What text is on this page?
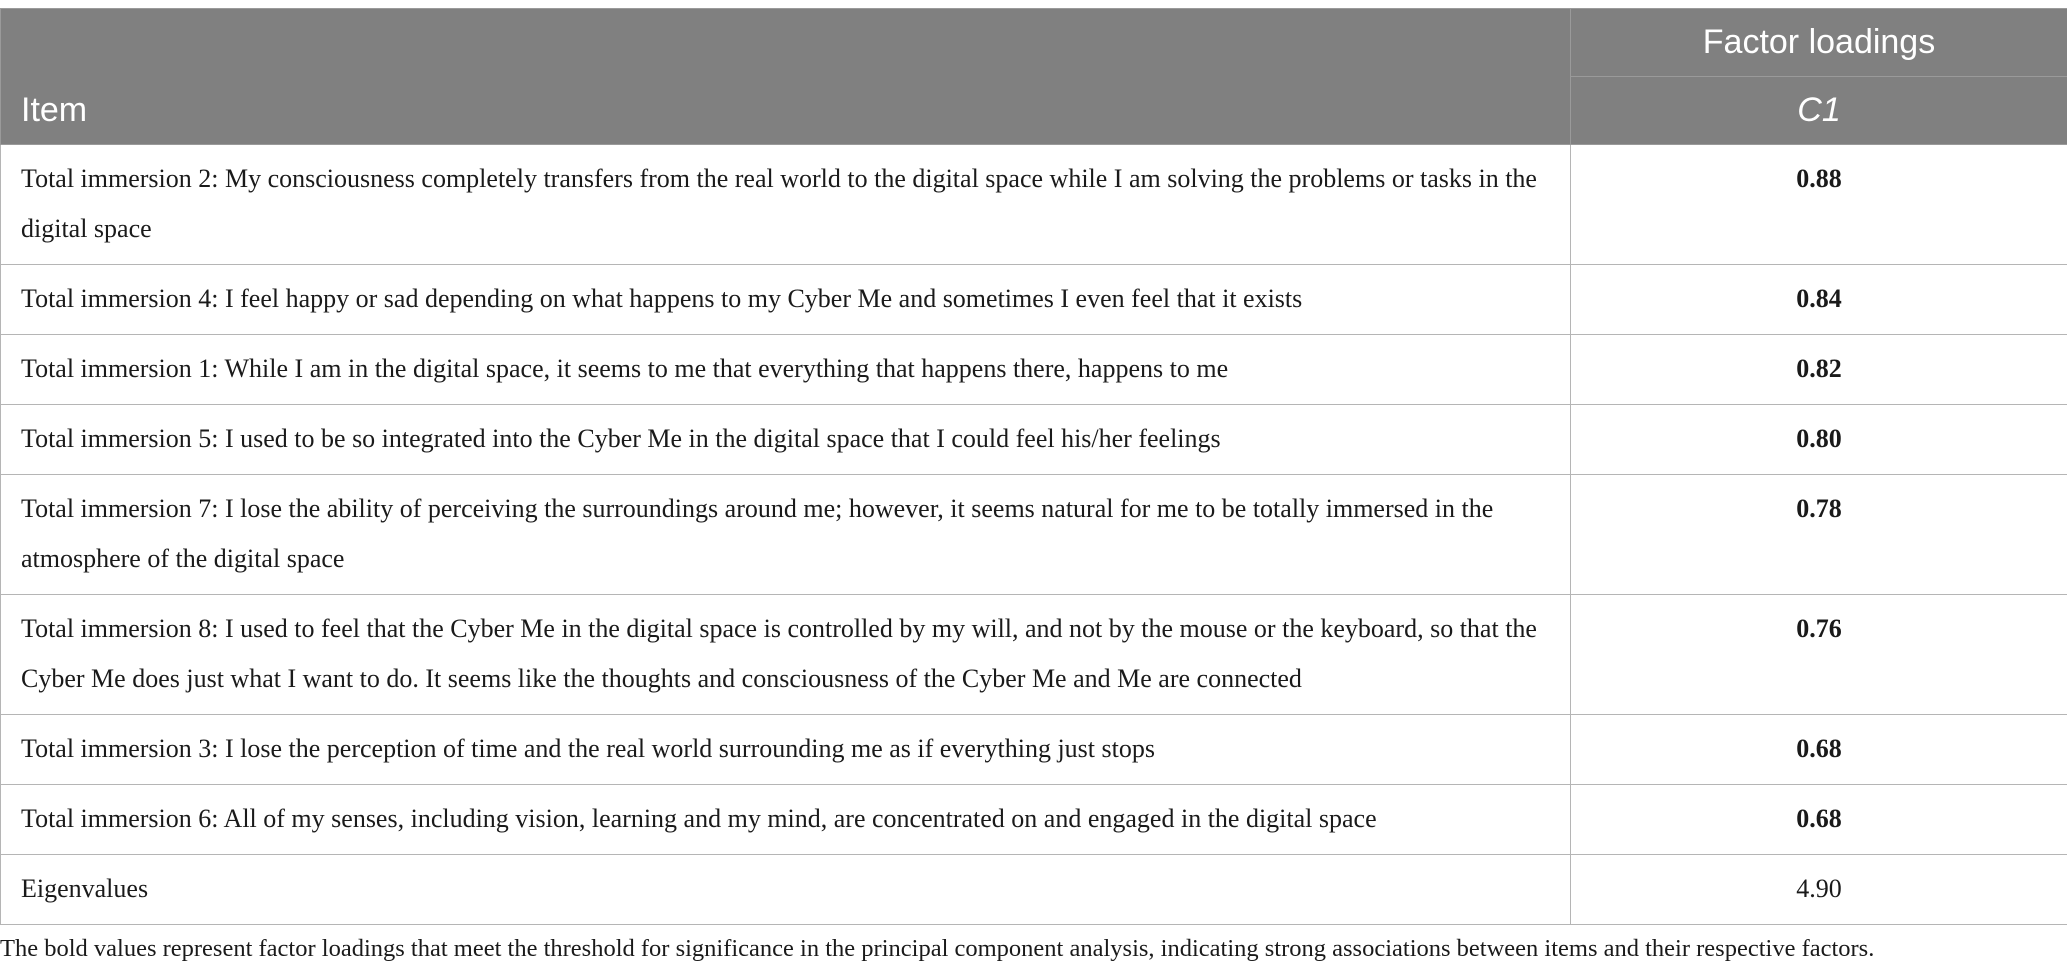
Item	Factor loadings
	C1
Total immersion 2: My consciousness completely transfers from the real world to the digital space while I am solving the problems or tasks in the digital space	0.88
Total immersion 4: I feel happy or sad depending on what happens to my Cyber Me and sometimes I even feel that it exists	0.84
Total immersion 1: While I am in the digital space, it seems to me that everything that happens there, happens to me	0.82
Total immersion 5: I used to be so integrated into the Cyber Me in the digital space that I could feel his/her feelings	0.80
Total immersion 7: I lose the ability of perceiving the surroundings around me; however, it seems natural for me to be totally immersed in the atmosphere of the digital space	0.78
Total immersion 8: I used to feel that the Cyber Me in the digital space is controlled by my will, and not by the mouse or the keyboard, so that the Cyber Me does just what I want to do. It seems like the thoughts and consciousness of the Cyber Me and Me are connected	0.76
Total immersion 3: I lose the perception of time and the real world surrounding me as if everything just stops	0.68
Total immersion 6: All of my senses, including vision, learning and my mind, are concentrated on and engaged in the digital space	0.68
Eigenvalues	4.90

The bold values represent factor loadings that meet the threshold for significance in the principal component analysis, indicating strong associations between items and their respective factors.
